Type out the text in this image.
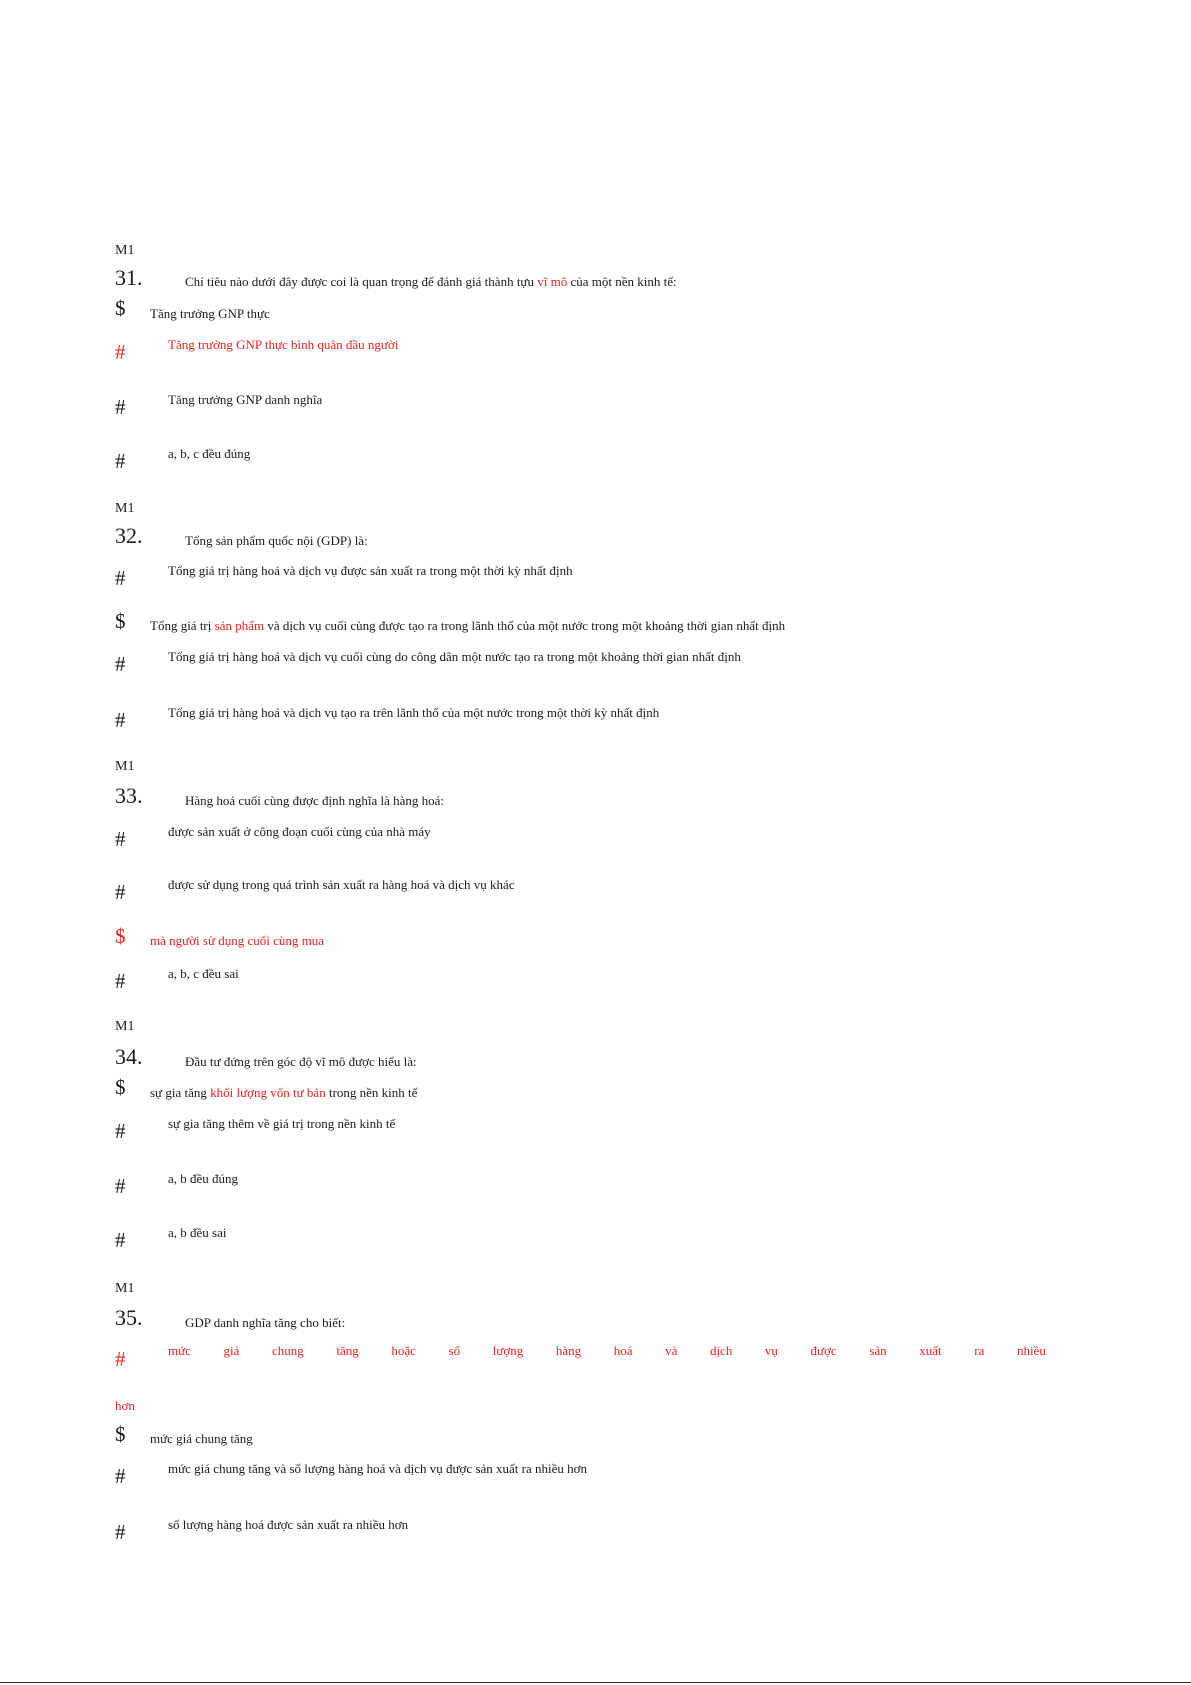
M1
31.	Chỉ tiêu nào dưới đây được coi là quan trọng để đánh giá thành tựu vĩ mô của một nền kinh tế:
$ Tăng trưởng GNP thực
#	Tăng trưởng GNP thực bình quân đầu người
#	Tăng trưởng GNP danh nghĩa
#	a, b, c đều đúng
M1
32.	Tổng sản phẩm quốc nội (GDP) là:
#	Tổng giá trị hàng hoá và dịch vụ được sản xuất ra trong một thời kỳ nhất định
$ Tổng giá trị sản phẩm và dịch vụ cuối cùng được tạo ra trong lãnh thổ của một nước trong một khoảng thời gian nhất định
#	Tổng giá trị hàng hoá và dịch vụ cuối cùng do công dân một nước tạo ra trong một khoảng thời gian nhất định
#	Tổng giá trị hàng hoá và dịch vụ tạo ra trên lãnh thổ của một nước trong một thời kỳ nhất định
M1
33.	Hàng hoá cuối cùng được định nghĩa là hàng hoá:
#	được sản xuất ở công đoạn cuối cùng của nhà máy
#	được sử dụng trong quá trình sản xuất ra hàng hoá và dịch vụ khác
$ mà người sử dụng cuối cùng mua
#	a, b, c đều sai
M1
34.	Đầu tư đứng trên góc độ vĩ mô được hiểu là:
$ sự gia tăng khối lượng vốn tư bản trong nền kinh tế
#	sự gia tăng thêm về giá trị trong nền kinh tế
#	a, b đều đúng
#	a, b đều sai
M1
35.	GDP danh nghĩa tăng cho biết:
#	mức	giá	chung	tăng	hoặc	số	lượng	hàng	hoá	và	dịch	vụ	được	sản	xuất	ra	nhiều
hơn
$ mức giá chung tăng
#	mức giá chung tăng và số lượng hàng hoá và dịch vụ được sản xuất ra nhiều hơn
#	số lượng hàng hoá được sản xuất ra nhiều hơn
